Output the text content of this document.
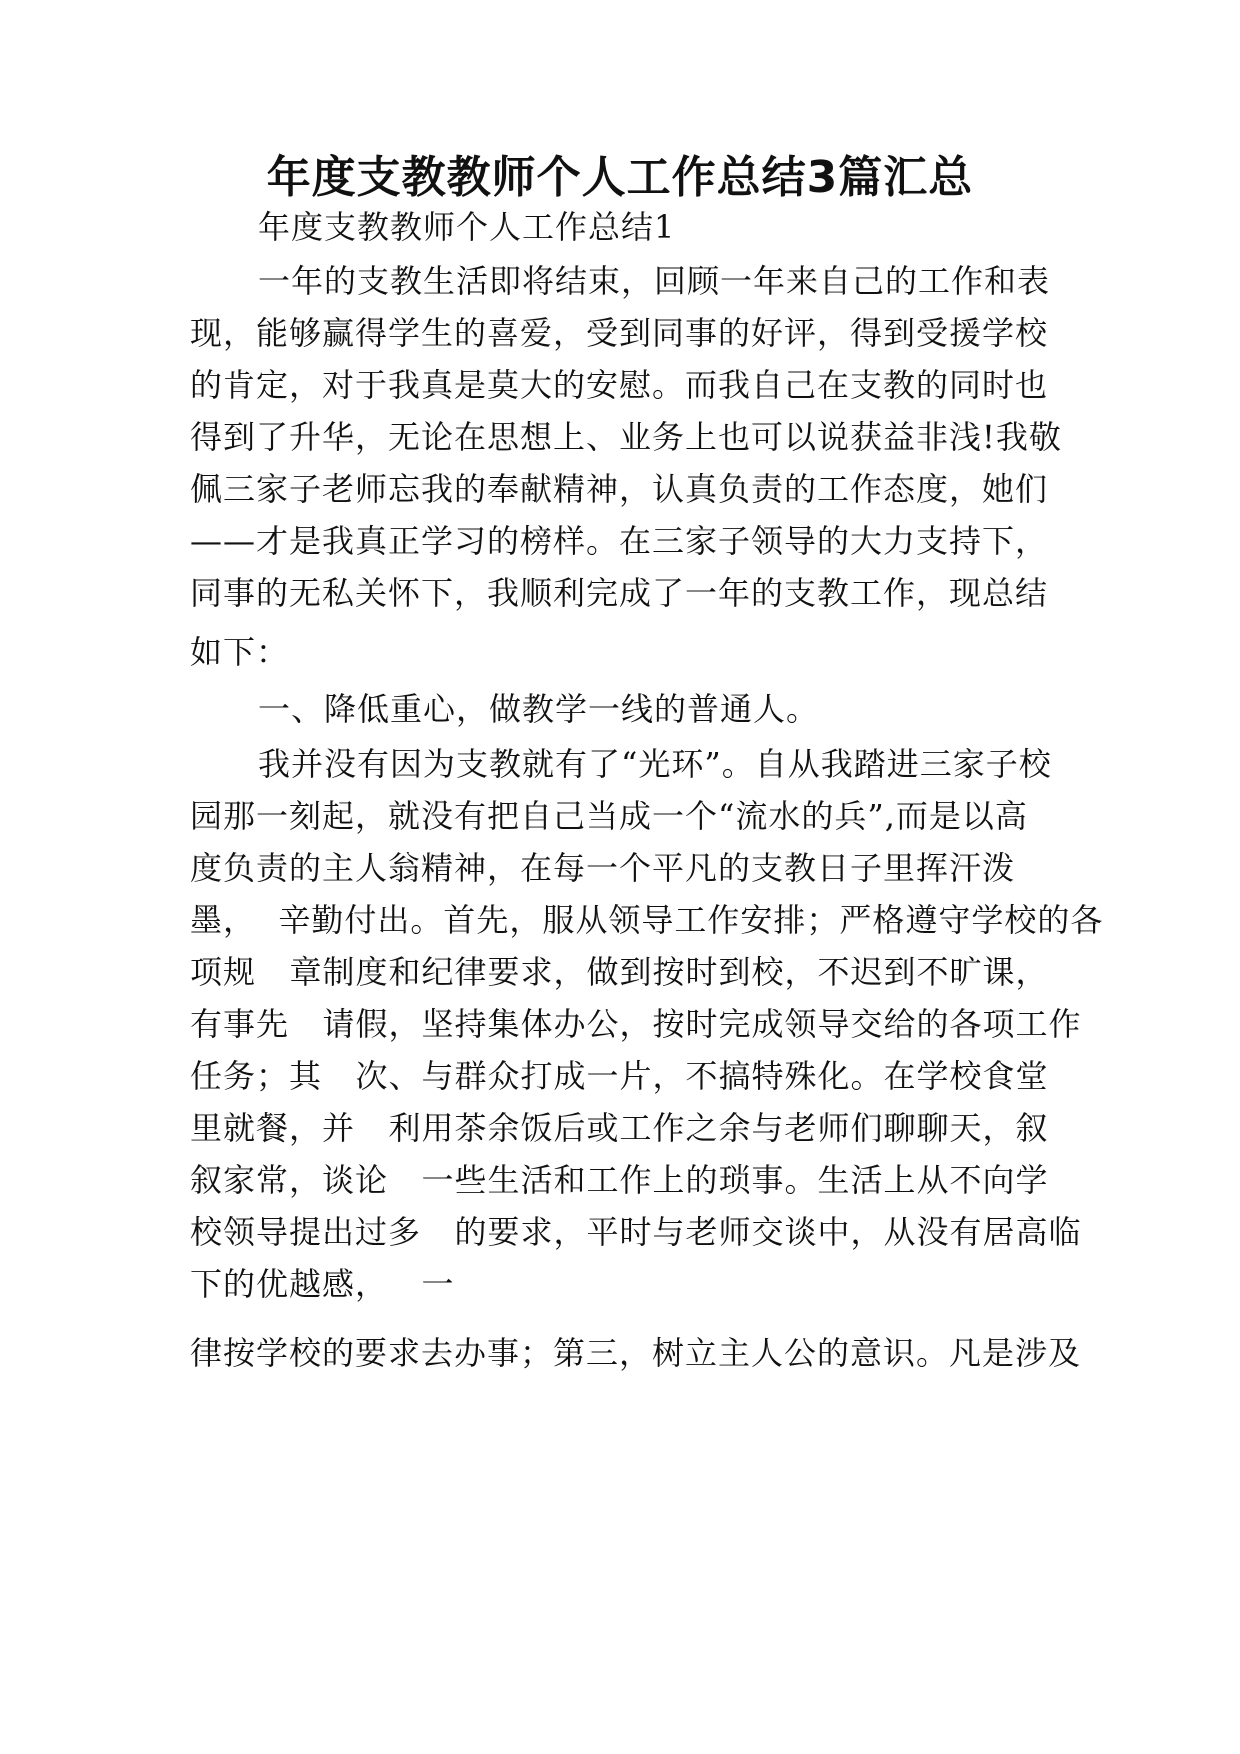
年度支教教师个人工作总结3篇汇总
年度支教教师个人工作总结1
一年的支教生活即将结束，回顾一年来自己的工作和表
现，能够赢得学生的喜爱，受到同事的好评，得到受援学校
的肯定，对于我真是莫大的安慰。而我自己在支教的同时也
得到了升华，无论在思想上、业务上也可以说获益非浅!我敬
佩三家子老师忘我的奉献精神，认真负责的工作态度，她们
——才是我真正学习的榜样。在三家子领导的大力支持下，
同事的无私关怀下，我顺利完成了一年的支教工作，现总结
如下：
一、降低重心，做教学一线的普通人。
我并没有因为支教就有了“光环”。自从我踏进三家子校
园那一刻起，就没有把自己当成一个“流水的兵”,而是以高
度负责的主人翁精神，在每一个平凡的支教日子里挥汗泼
墨，  辛勤付出。首先，服从领导工作安排；严格遵守学校的各
项规   章制度和纪律要求，做到按时到校，不迟到不旷课，
有事先   请假，坚持集体办公，按时完成领导交给的各项工作
任务；其   次、与群众打成一片，不搞特殊化。在学校食堂
里就餐，并   利用茶余饭后或工作之余与老师们聊聊天，叙
叙家常，谈论   一些生活和工作上的琐事。生活上从不向学
校领导提出过多   的要求，平时与老师交谈中，从没有居高临
下的优越感，   一
律按学校的要求去办事；第三，树立主人公的意识。凡是涉及
